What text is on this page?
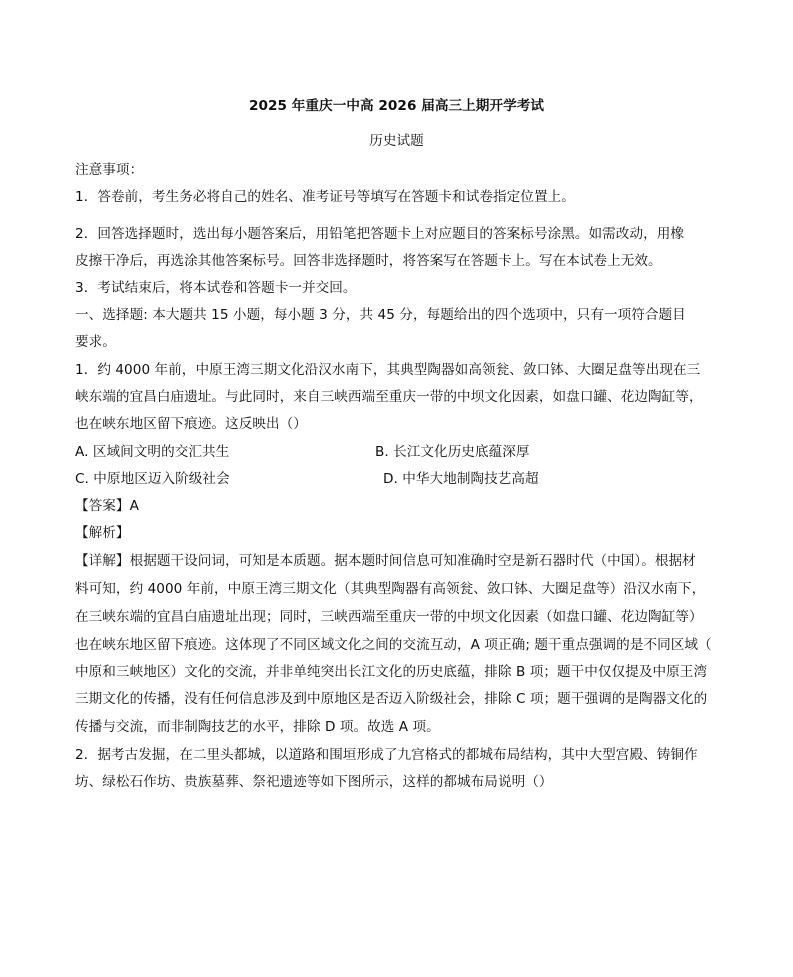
2025 年重庆一中高 2026 届高三上期开学考试
历史试题
注意事项：
1．答卷前，考生务必将自己的姓名、准考证号等填写在答题卡和试卷指定位置上。
2．回答选择题时，选出每小题答案后，用铅笔把答题卡上对应题目的答案标号涂黑。如需改动，用橡
皮擦干净后，再选涂其他答案标号。回答非选择题时，将答案写在答题卡上。写在本试卷上无效。
3．考试结束后，将本试卷和答题卡一并交回。
一、选择题: 本大题共 15 小题，每小题 3 分，共 45 分，每题给出的四个选项中，只有一项符合题目
要求。
1．约 4000 年前，中原王湾三期文化沿汉水南下，其典型陶器如高领瓮、敛口钵、大圈足盘等出现在三
峡东端的宜昌白庙遗址。与此同时，来自三峡西端至重庆一带的中坝文化因素，如盘口罐、花边陶缸等，
也在峡东地区留下痕迹。这反映出（）
A. 区域间文明的交汇共生	B. 长江文化历史底蕴深厚
C. 中原地区迈入阶级社会	D. 中华大地制陶技艺高超
【答案】A
【解析】
【详解】根据题干设问词，可知是本质题。据本题时间信息可知准确时空是新石器时代（中国）。根据材
料可知，约 4000 年前，中原王湾三期文化（其典型陶器有高领瓮、敛口钵、大圈足盘等）沿汉水南下，
在三峡东端的宜昌白庙遗址出现；同时，三峡西端至重庆一带的中坝文化因素（如盘口罐、花边陶缸等）
也在峡东地区留下痕迹。这体现了不同区域文化之间的交流互动，A 项正确; 题干重点强调的是不同区域（
中原和三峡地区）文化的交流，并非单纯突出长江文化的历史底蕴，排除 B 项；题干中仅仅提及中原王湾
三期文化的传播，没有任何信息涉及到中原地区是否迈入阶级社会，排除 C 项；题干强调的是陶器文化的
传播与交流，而非制陶技艺的水平，排除 D 项。故选 A 项。
2．据考古发掘，在二里头都城，以道路和围垣形成了九宫格式的都城布局结构，其中大型宫殿、铸铜作
坊、绿松石作坊、贵族墓葬、祭祀遗迹等如下图所示，这样的都城布局说明（）
